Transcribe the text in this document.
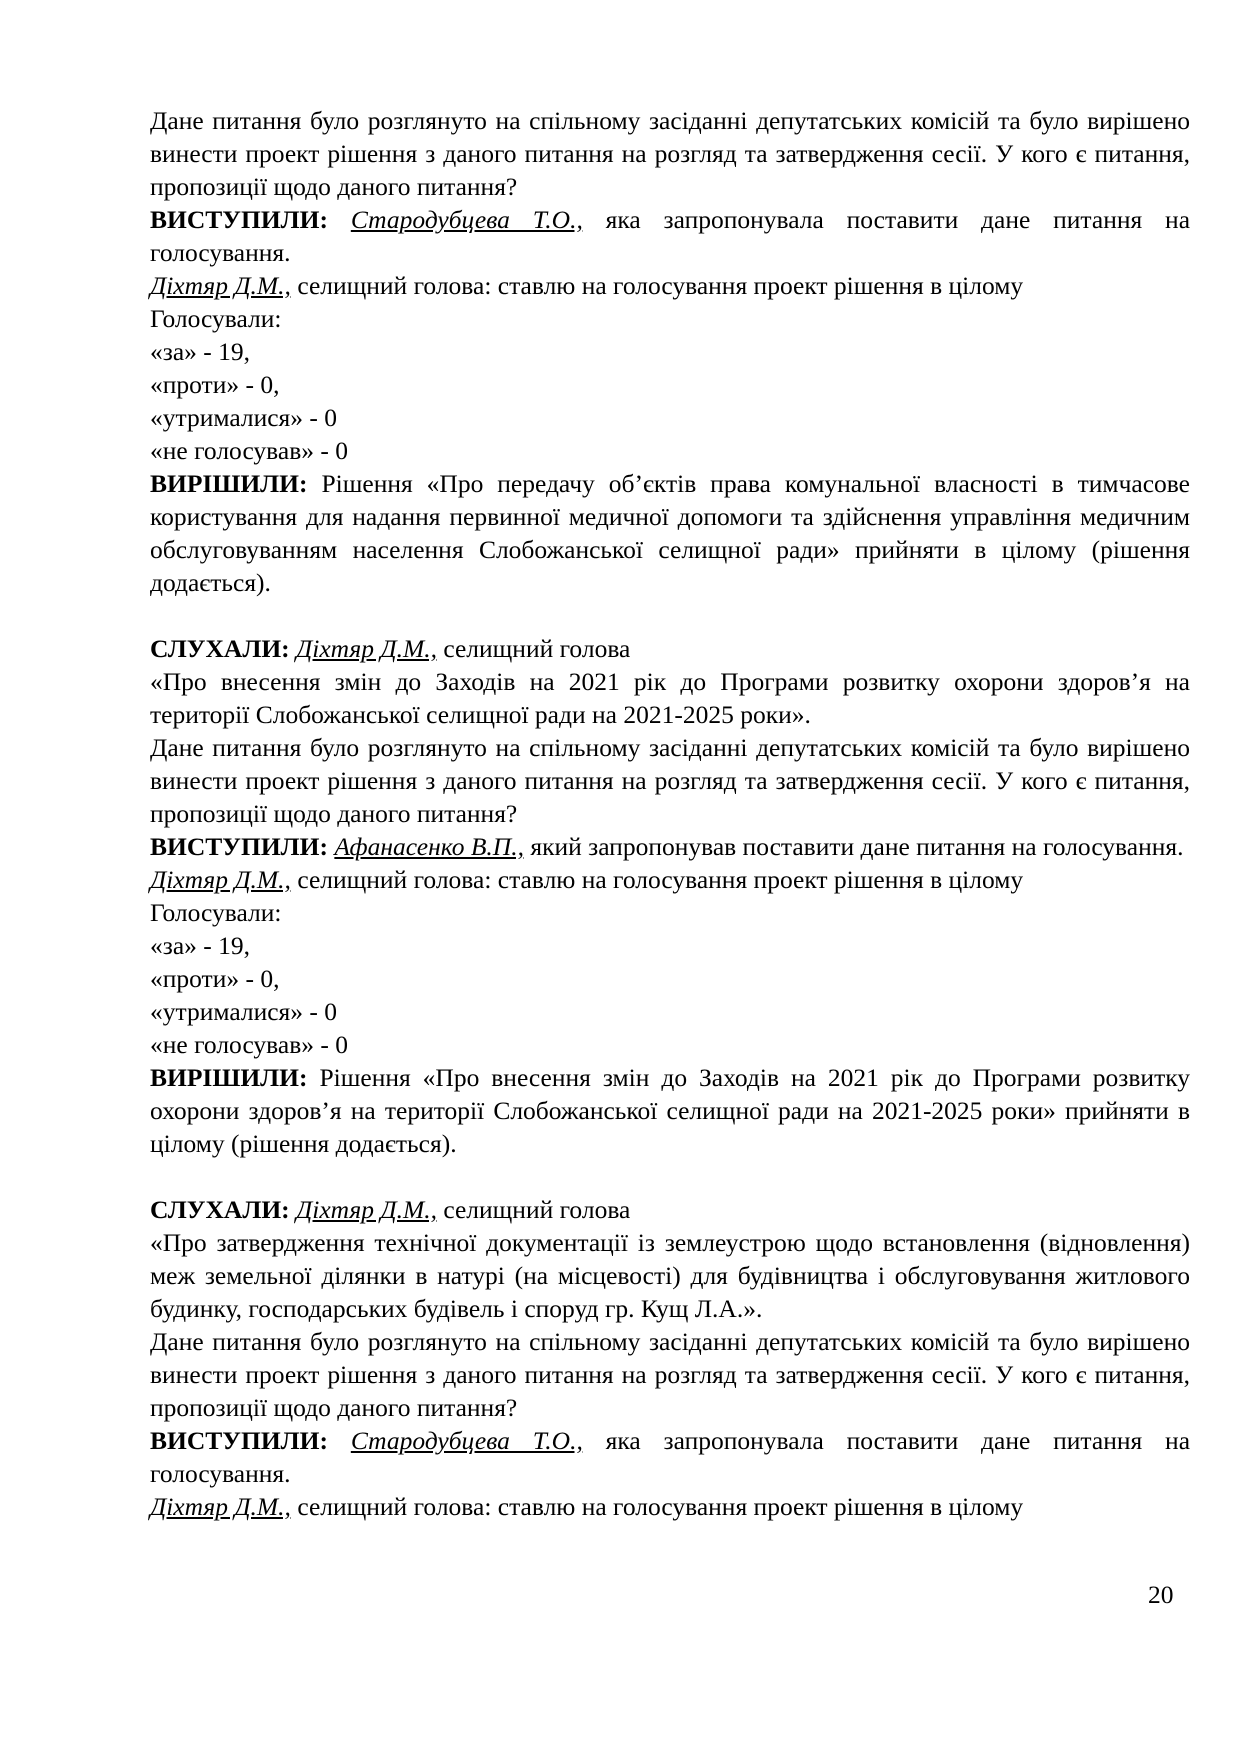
Дане питання було розглянуто на спільному засіданні депутатських комісій та було вирішено винести проект рішення з даного питання на розгляд та затвердження сесії. У кого є питання, пропозиції щодо даного питання?

ВИСТУПИЛИ: Стародубцева Т.О., яка запропонувала поставити дане питання на голосування.

Діхтяр Д.М., селищний голова: ставлю на голосування проект рішення в цілому

Голосували:

«за» - 19,

«проти» - 0,

«утрималися» - 0

«не голосував» - 0

ВИРІШИЛИ: Рішення «Про передачу об’єктів права комунальної власності в тимчасове користування для надання первинної медичної допомоги та здійснення управління медичним обслуговуванням населення Слобожанської селищної ради» прийняти в цілому (рішення додається).

СЛУХАЛИ: Діхтяр Д.М., селищний голова

«Про внесення змін до Заходів на 2021 рік до Програми розвитку охорони здоров’я на території Слобожанської селищної ради на 2021-2025 роки».

Дане питання було розглянуто на спільному засіданні депутатських комісій та було вирішено винести проект рішення з даного питання на розгляд та затвердження сесії. У кого є питання, пропозиції щодо даного питання?

ВИСТУПИЛИ: Афанасенко В.П., який запропонував поставити дане питання на голосування.

Діхтяр Д.М., селищний голова: ставлю на голосування проект рішення в цілому

Голосували:

«за» - 19,

«проти» - 0,

«утрималися» - 0

«не голосував» - 0

ВИРІШИЛИ: Рішення «Про внесення змін до Заходів на 2021 рік до Програми розвитку охорони здоров’я на території Слобожанської селищної ради на 2021-2025 роки» прийняти в цілому (рішення додається).

СЛУХАЛИ: Діхтяр Д.М., селищний голова

«Про затвердження технічної документації із землеустрою щодо встановлення (відновлення) меж земельної ділянки в натурі (на місцевості) для будівництва і обслуговування житлового будинку, господарських будівель і споруд гр. Кущ Л.А.».

Дане питання було розглянуто на спільному засіданні депутатських комісій та було вирішено винести проект рішення з даного питання на розгляд та затвердження сесії. У кого є питання, пропозиції щодо даного питання?

ВИСТУПИЛИ: Стародубцева Т.О., яка запропонувала поставити дане питання на голосування.

Діхтяр Д.М., селищний голова: ставлю на голосування проект рішення в цілому

20
